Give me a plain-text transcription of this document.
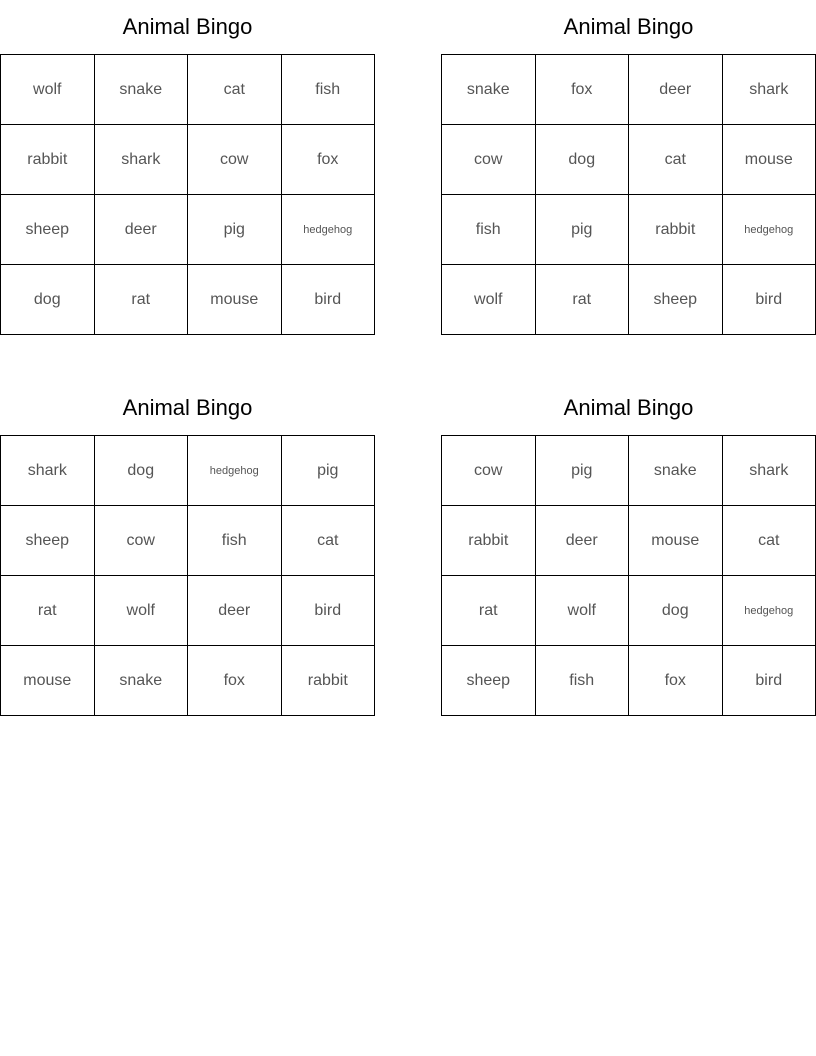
Animal Bingo
wolf	snake	cat	fish
rabbit	shark	cow	fox
sheep	deer	pig	hedgehog
dog	rat	mouse	bird
Animal Bingo
snake	fox	deer	shark
cow	dog	cat	mouse
fish	pig	rabbit	hedgehog
wolf	rat	sheep	bird
Animal Bingo
shark	dog	hedgehog	pig
sheep	cow	fish	cat
rat	wolf	deer	bird
mouse	snake	fox	rabbit
Animal Bingo
cow	pig	snake	shark
rabbit	deer	mouse	cat
rat	wolf	dog	hedgehog
sheep	fish	fox	bird
